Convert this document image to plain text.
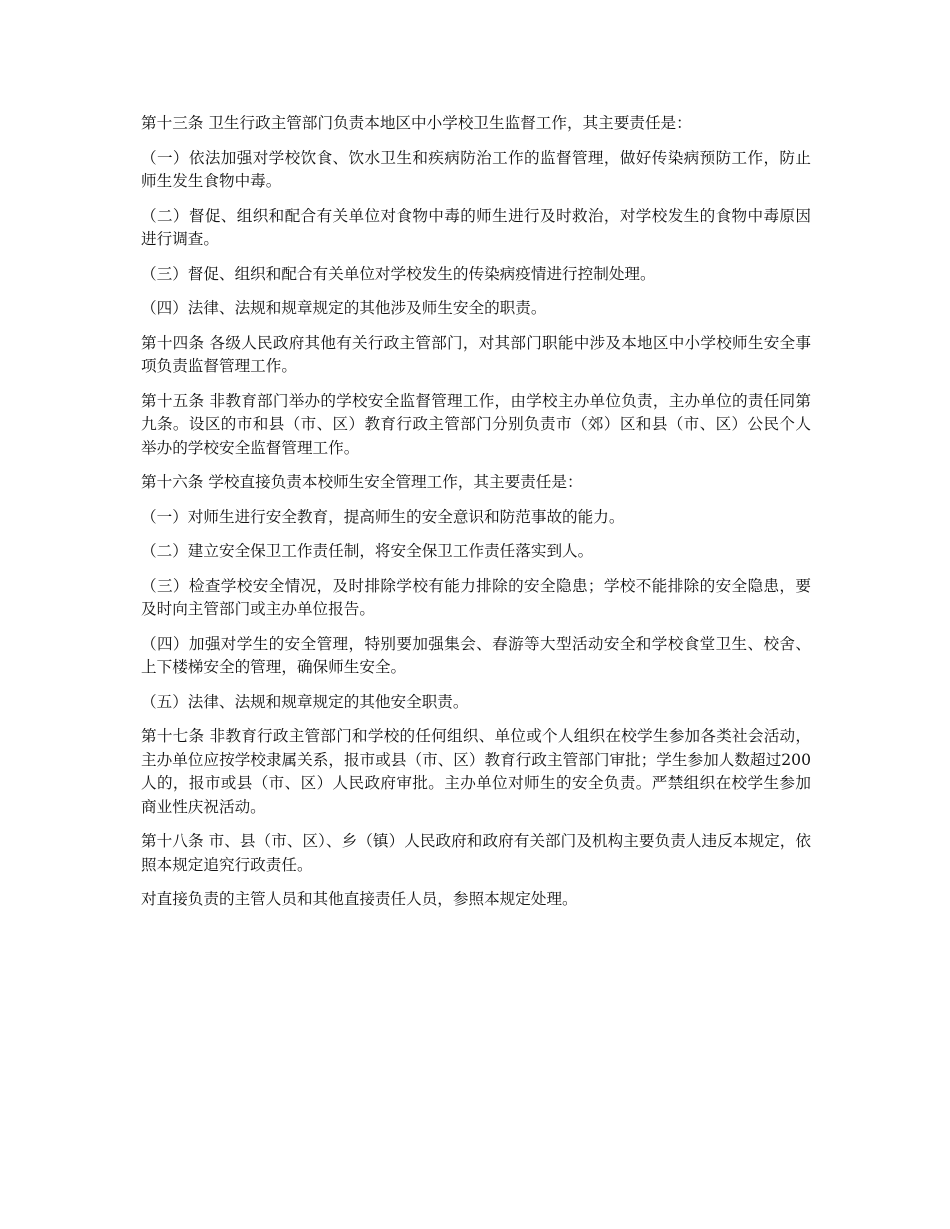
第十三条 卫生行政主管部门负责本地区中小学校卫生监督工作，其主要责任是：

（一）依法加强对学校饮食、饮水卫生和疾病防治工作的监督管理，做好传染病预防工作，防止师生发生食物中毒。

（二）督促、组织和配合有关单位对食物中毒的师生进行及时救治，对学校发生的食物中毒原因进行调查。

（三）督促、组织和配合有关单位对学校发生的传染病疫情进行控制处理。

（四）法律、法规和规章规定的其他涉及师生安全的职责。

第十四条 各级人民政府其他有关行政主管部门，对其部门职能中涉及本地区中小学校师生安全事项负责监督管理工作。

第十五条 非教育部门举办的学校安全监督管理工作，由学校主办单位负责，主办单位的责任同第九条。设区的市和县（市、区）教育行政主管部门分别负责市（郊）区和县（市、区）公民个人举办的学校安全监督管理工作。

第十六条 学校直接负责本校师生安全管理工作，其主要责任是：

（一）对师生进行安全教育，提高师生的安全意识和防范事故的能力。

（二）建立安全保卫工作责任制，将安全保卫工作责任落实到人。

（三）检查学校安全情况，及时排除学校有能力排除的安全隐患；学校不能排除的安全隐患，要及时向主管部门或主办单位报告。

（四）加强对学生的安全管理，特别要加强集会、春游等大型活动安全和学校食堂卫生、校舍、上下楼梯安全的管理，确保师生安全。

（五）法律、法规和规章规定的其他安全职责。

第十七条 非教育行政主管部门和学校的任何组织、单位或个人组织在校学生参加各类社会活动，主办单位应按学校隶属关系，报市或县（市、区）教育行政主管部门审批；学生参加人数超过200人的，报市或县（市、区）人民政府审批。主办单位对师生的安全负责。严禁组织在校学生参加商业性庆祝活动。

第十八条 市、县（市、区）、乡（镇）人民政府和政府有关部门及机构主要负责人违反本规定，依照本规定追究行政责任。

对直接负责的主管人员和其他直接责任人员，参照本规定处理。
